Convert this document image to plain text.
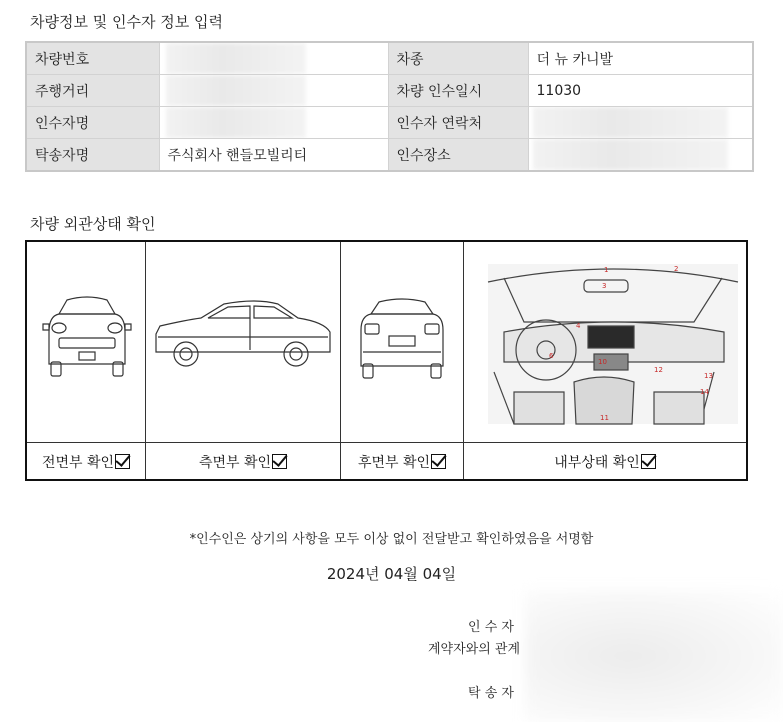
차량정보 및 인수자 정보 입력
차량번호		차종	더 뉴 카니발
주행거리		차량 인수일시	11030
인수자명		인수자 연락처	

탁송자명	주식회사 핸들모빌리티	인수장소	
차량 외관상태 확인
1	2
3
4
6
10
11
12
13
14
전면부 확인	측면부 확인	후면부 확인	내부상태 확인
*인수인은 상기의 사항을 모두 이상 없이 전달받고 확인하였음을 서명함
2024년 04월 04일
인 수 자
계약자와의 관계
탁 송 자
